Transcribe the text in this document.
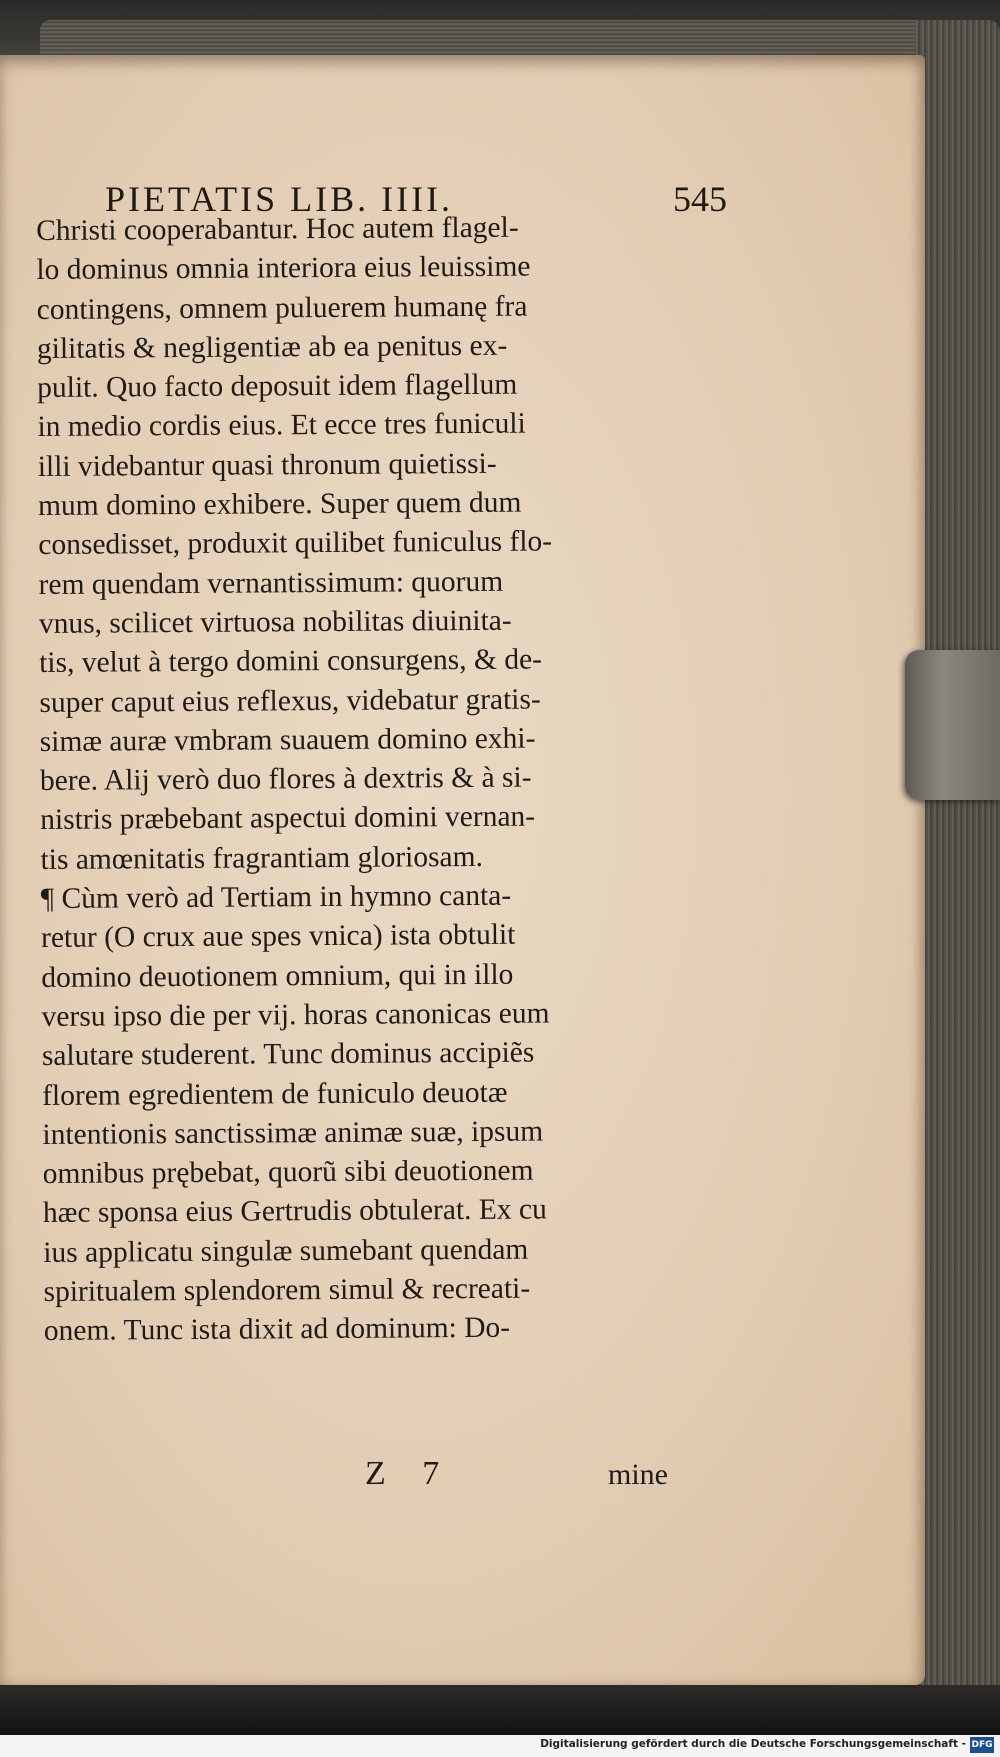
PIETATIS LIB. IIII.	545
Christi cooperabantur. Hoc autem flagel-
lo dominus omnia interiora eius leuissime
contingens, omnem puluerem humanę fra
gilitatis & negligentiæ ab ea penitus ex-
pulit. Quo facto deposuit idem flagellum
in medio cordis eius. Et ecce tres funiculi
illi videbantur quasi thronum quietissi-
mum domino exhibere. Super quem dum
consedisset, produxit quilibet funiculus flo-
rem quendam vernantissimum: quorum
vnus, scilicet virtuosa nobilitas diuinita-
tis, velut à tergo domini consurgens, & de-
super caput eius reflexus, videbatur gratis-
simæ auræ vmbram suauem domino exhi-
bere. Alij verò duo flores à dextris & à si-
nistris præbebant aspectui domini vernan-
tis amœnitatis fragrantiam gloriosam.
¶ Cùm verò ad Tertiam in hymno canta-
retur (O crux aue spes vnica) ista obtulit
domino deuotionem omnium, qui in illo
versu ipso die per vij. horas canonicas eum
salutare studerent. Tunc dominus accipiẽs
florem egredientem de funiculo deuotæ
intentionis sanctissimæ animæ suæ, ipsum
omnibus prębebat, quorũ sibi deuotionem
hæc sponsa eius Gertrudis obtulerat. Ex cu
ius applicatu singulæ sumebant quendam
spiritualem splendorem simul & recreati-
onem. Tunc ista dixit ad dominum: Do-
Z 7	mine
Digitalisierung gefördert durch die Deutsche Forschungsgemeinschaft - DFG
